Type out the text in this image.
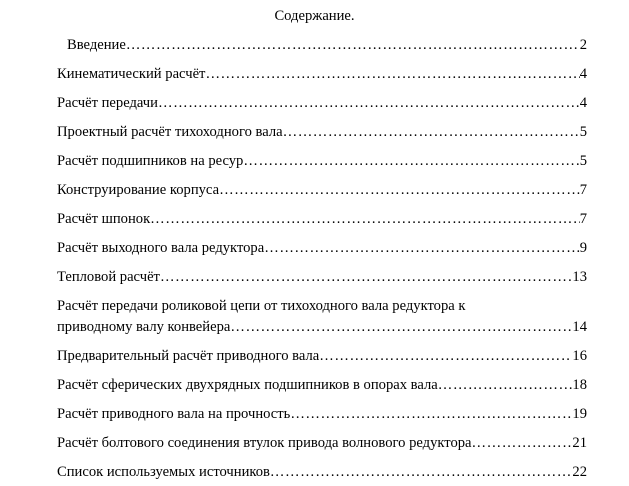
Содержание.
Введение …………………………………………………………………………………………………………………………………………………………………	2
Кинематический расчёт …………………………………………………………………………………………………………………………………………………………………	4
Расчёт передачи …………………………………………………………………………………………………………………………………………………………………	4
Проектный расчёт тихоходного вала …………………………………………………………………………………………………………………………………………………………………	5
Расчёт подшипников на ресур …………………………………………………………………………………………………………………………………………………………………	5
Конструирование корпуса …………………………………………………………………………………………………………………………………………………………………	7
Расчёт шпонок …………………………………………………………………………………………………………………………………………………………………	7
Расчёт выходного вала редуктора …………………………………………………………………………………………………………………………………………………………………	9
Тепловой расчёт …………………………………………………………………………………………………………………………………………………………………	13
Расчёт передачи роликовой цепи от тихоходного вала редуктора к
приводному валу конвейера …………………………………………………………………………………………………………………………………………………………………	14
Предварительный расчёт приводного вала …………………………………………………………………………………………………………………………………………………………………	16
Расчёт сферических двухрядных подшипников в опорах вала …………………………………………………………………………………………………………………………………………………………………	18
Расчёт приводного вала на прочность …………………………………………………………………………………………………………………………………………………………………	19
Расчёт болтового соединения втулок привода волнового редуктора …………………………………………………………………………………………………………………………………………………………………	21
Список используемых источников …………………………………………………………………………………………………………………………………………………………………	22
